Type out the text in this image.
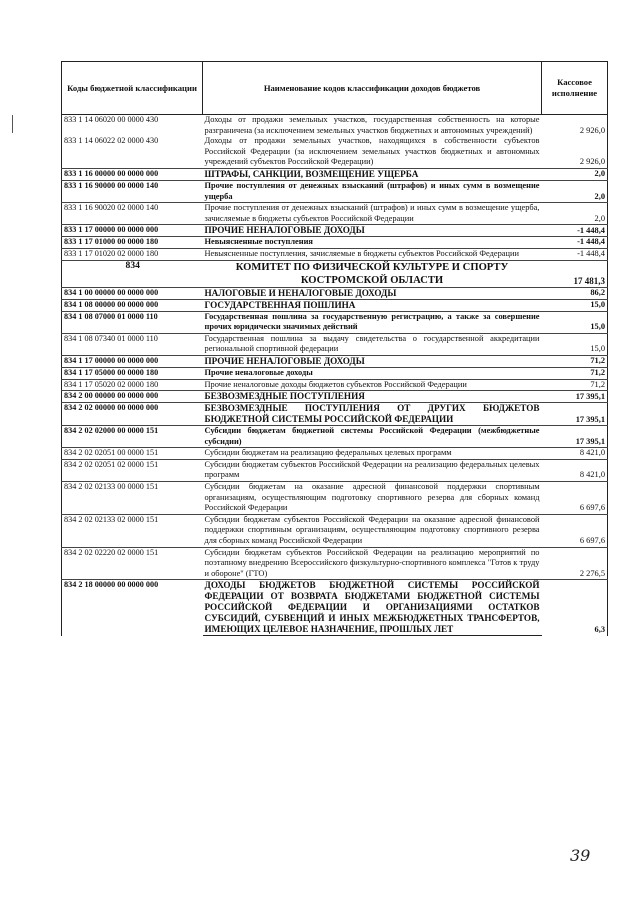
Коды бюджетной классификации	Наименование кодов классификации доходов бюджетов	Кассовое исполнение
833 1 14 06020 00 0000 430	Доходы от продажи земельных участков, государственная собственность на которые разграничена (за исключением земельных участков бюджетных и автономных учреждений)	2 926,0
833 1 14 06022 02 0000 430	Доходы от продажи земельных участков, находящихся в собственности субъектов Российской Федерации (за исключением земельных участков бюджетных и автономных учреждений субъектов Российской Федерации)	2 926,0
833 1 16 00000 00 0000 000	ШТРАФЫ, САНКЦИИ, ВОЗМЕЩЕНИЕ УЩЕРБА	2,0
833 1 16 90000 00 0000 140	Прочие поступления от денежных взысканий (штрафов) и иных сумм в возмещение ущерба	2,0
833 1 16 90020 02 0000 140	Прочие поступления от денежных взысканий (штрафов) и иных сумм в возмещение ущерба, зачисляемые в бюджеты субъектов Российской Федерации	2,0
833 1 17 00000 00 0000 000	ПРОЧИЕ НЕНАЛОГОВЫЕ ДОХОДЫ	-1 448,4
833 1 17 01000 00 0000 180	Невыясненные поступления	-1 448,4
833 1 17 01020 02 0000 180	Невыясненные поступления, зачисляемые в бюджеты субъектов Российской Федерации	-1 448,4
834	КОМИТЕТ ПО ФИЗИЧЕСКОЙ КУЛЬТУРЕ И СПОРТУ КОСТРОМСКОЙ ОБЛАСТИ	17 481,3
834 1 00 00000 00 0000 000	НАЛОГОВЫЕ И НЕНАЛОГОВЫЕ ДОХОДЫ	86,2
834 1 08 00000 00 0000 000	ГОСУДАРСТВЕННАЯ ПОШЛИНА	15,0
834 1 08 07000 01 0000 110	Государственная пошлина за государственную регистрацию, а также за совершение прочих юридически значимых действий	15,0
834 1 08 07340 01 0000 110	Государственная пошлина за выдачу свидетельства о государственной аккредитации региональной спортивной федерации	15,0
834 1 17 00000 00 0000 000	ПРОЧИЕ НЕНАЛОГОВЫЕ ДОХОДЫ	71,2
834 1 17 05000 00 0000 180	Прочие неналоговые доходы	71,2
834 1 17 05020 02 0000 180	Прочие неналоговые доходы бюджетов субъектов Российской Федерации	71,2
834 2 00 00000 00 0000 000	БЕЗВОЗМЕЗДНЫЕ ПОСТУПЛЕНИЯ	17 395,1
834 2 02 00000 00 0000 000	БЕЗВОЗМЕЗДНЫЕ ПОСТУПЛЕНИЯ ОТ ДРУГИХ БЮДЖЕТОВ БЮДЖЕТНОЙ СИСТЕМЫ РОССИЙСКОЙ ФЕДЕРАЦИИ	17 395,1
834 2 02 02000 00 0000 151	Субсидии бюджетам бюджетной системы Российской Федерации (межбюджетные субсидии)	17 395,1
834 2 02 02051 00 0000 151	Субсидии бюджетам на реализацию федеральных целевых программ	8 421,0
834 2 02 02051 02 0000 151	Субсидии бюджетам субъектов Российской Федерации на реализацию федеральных целевых программ	8 421,0
834 2 02 02133 00 0000 151	Субсидии бюджетам на оказание адресной финансовой поддержки спортивным организациям, осуществляющим подготовку спортивного резерва для сборных команд Российской Федерации	6 697,6
834 2 02 02133 02 0000 151	Субсидии бюджетам субъектов Российской Федерации на оказание адресной финансовой поддержки спортивным организациям, осуществляющим подготовку спортивного резерва для сборных команд Российской Федерации	6 697,6
834 2 02 02220 02 0000 151	Субсидии бюджетам субъектов Российской Федерации на реализацию мероприятий по поэтапному внедрению Всероссийского физкультурно-спортивного комплекса "Готов к труду и обороне" (ГТО)	2 276,5
834 2 18 00000 00 0000 000	ДОХОДЫ БЮДЖЕТОВ БЮДЖЕТНОЙ СИСТЕМЫ РОССИЙСКОЙ ФЕДЕРАЦИИ ОТ ВОЗВРАТА БЮДЖЕТАМИ БЮДЖЕТНОЙ СИСТЕМЫ РОССИЙСКОЙ ФЕДЕРАЦИИ И ОРГАНИЗАЦИЯМИ ОСТАТКОВ СУБСИДИЙ, СУБВЕНЦИЙ И ИНЫХ МЕЖБЮДЖЕТНЫХ ТРАНСФЕРТОВ, ИМЕЮЩИХ ЦЕЛЕВОЕ НАЗНАЧЕНИЕ, ПРОШЛЫХ ЛЕТ	6,3
39
